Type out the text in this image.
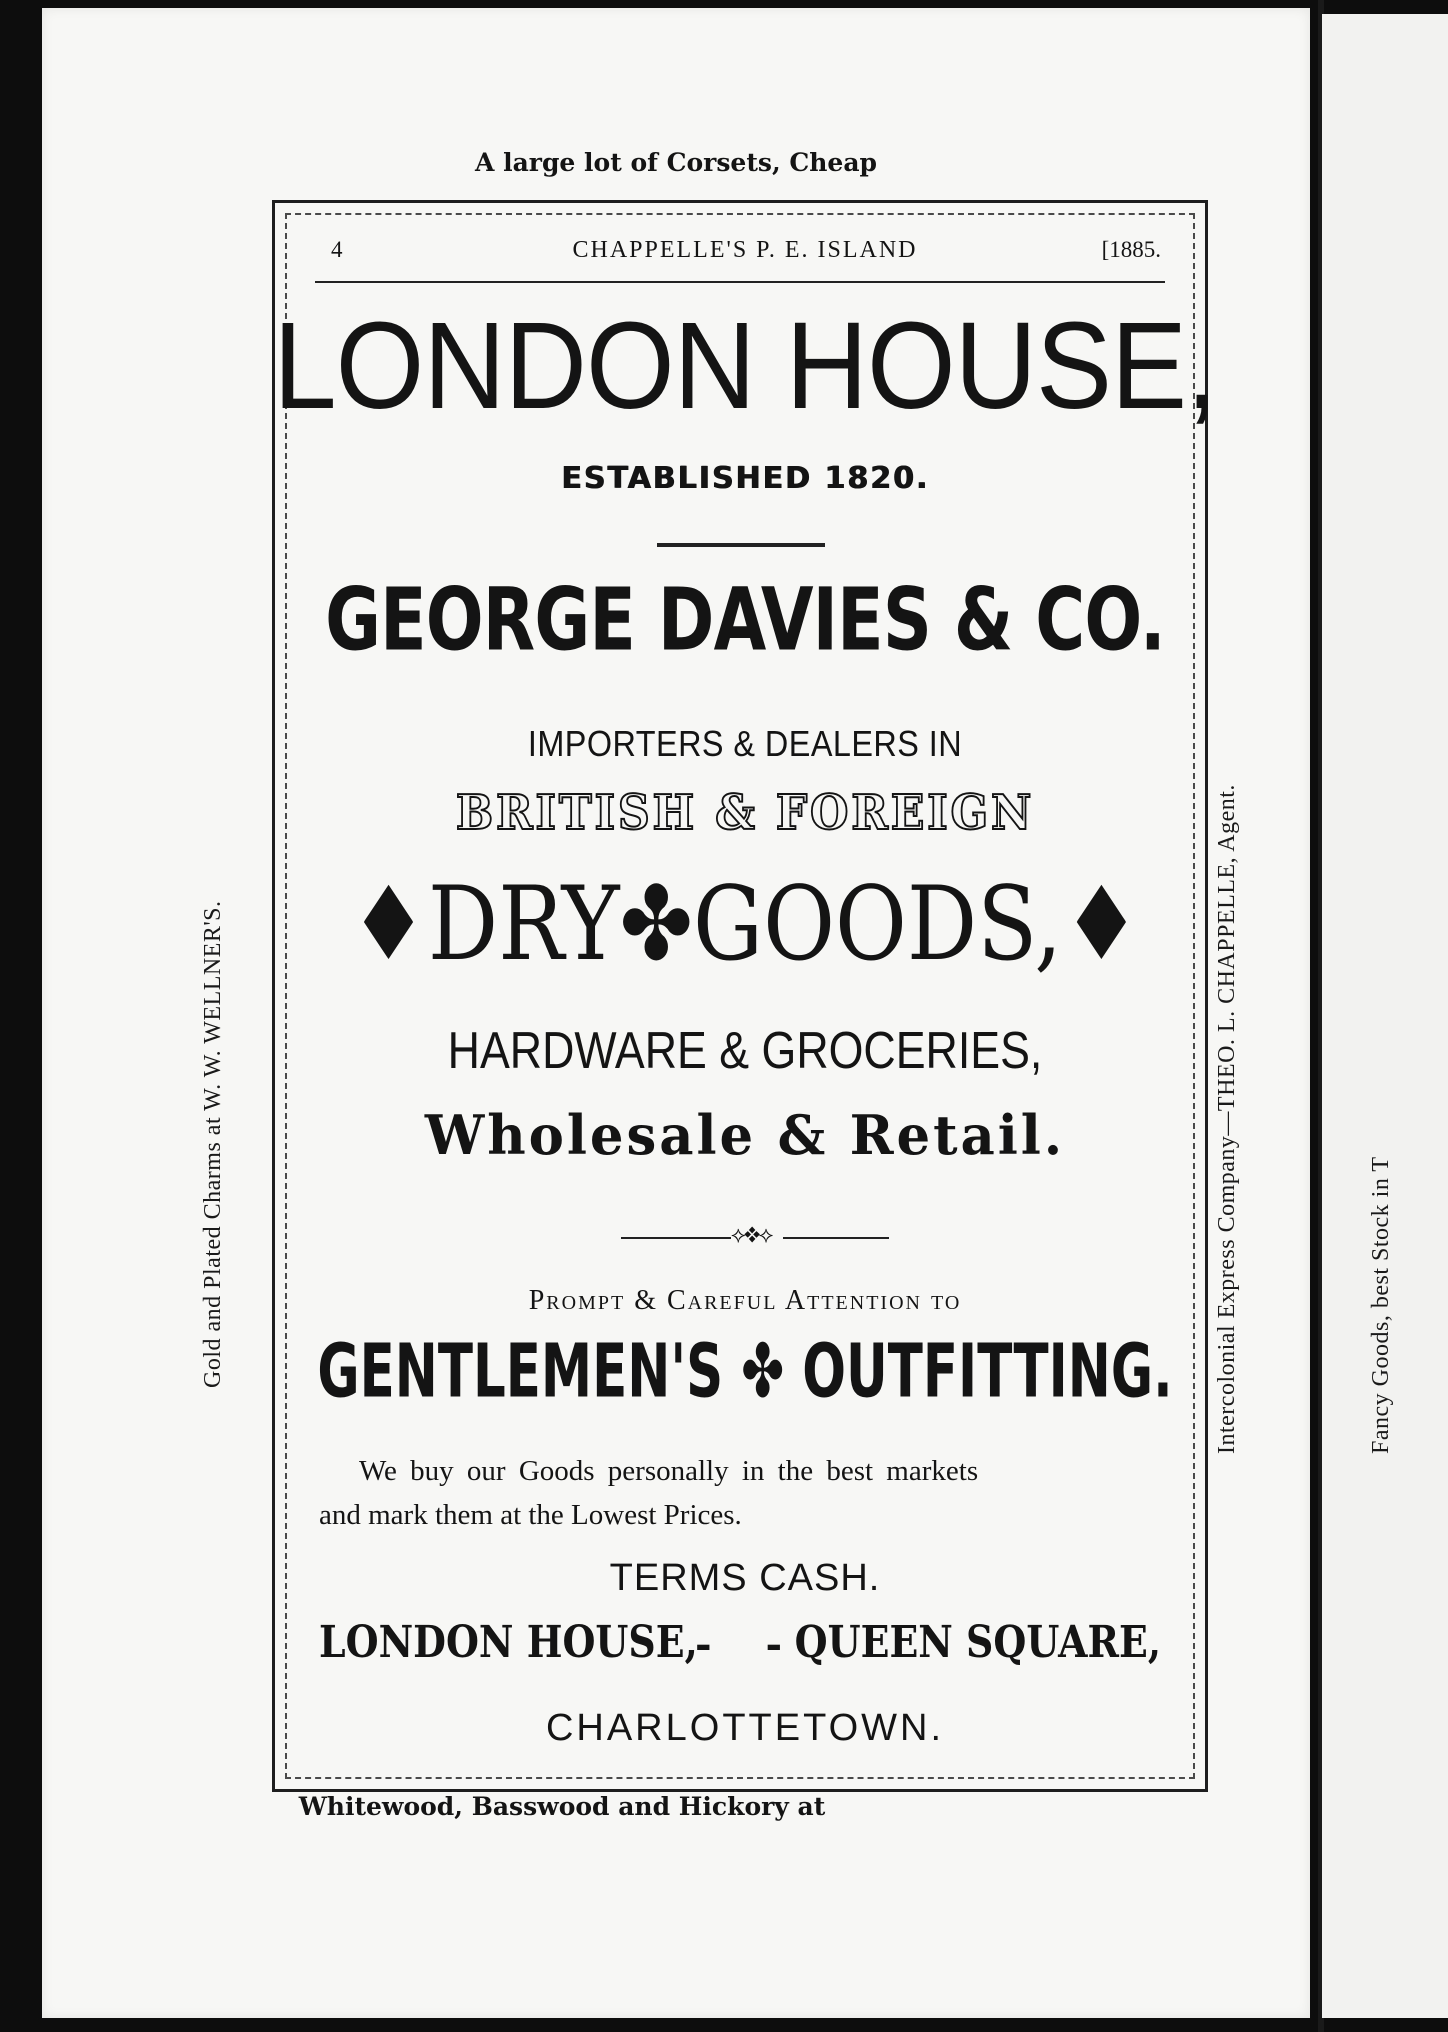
Fancy Goods, best Stock in T
A large lot of Corsets, Cheap
Gold and Plated Charms at W. W. WELLNER'S.	Intercolonial Express Company—THEO. L. CHAPPELLE, Agent.
4	CHAPPELLE'S P. E. ISLAND	[1885.
LONDON HOUSE,
ESTABLISHED 1820.
GEORGE DAVIES & CO.
IMPORTERS & DEALERS IN
BRITISH & FOREIGN
♦DRY✤GOODS,♦
HARDWARE & GROCERIES,
Wholesale & Retail.
⟡❖⟡
Prompt & Careful Attention to
GENTLEMEN'S ✤ OUTFITTING.
We buy our Goods personally in the best markets
and mark them at the Lowest Prices.
TERMS CASH.
LONDON HOUSE,
- - QUEEN SQUARE,
CHARLOTTETOWN.
Whitewood, Basswood and Hickory at
